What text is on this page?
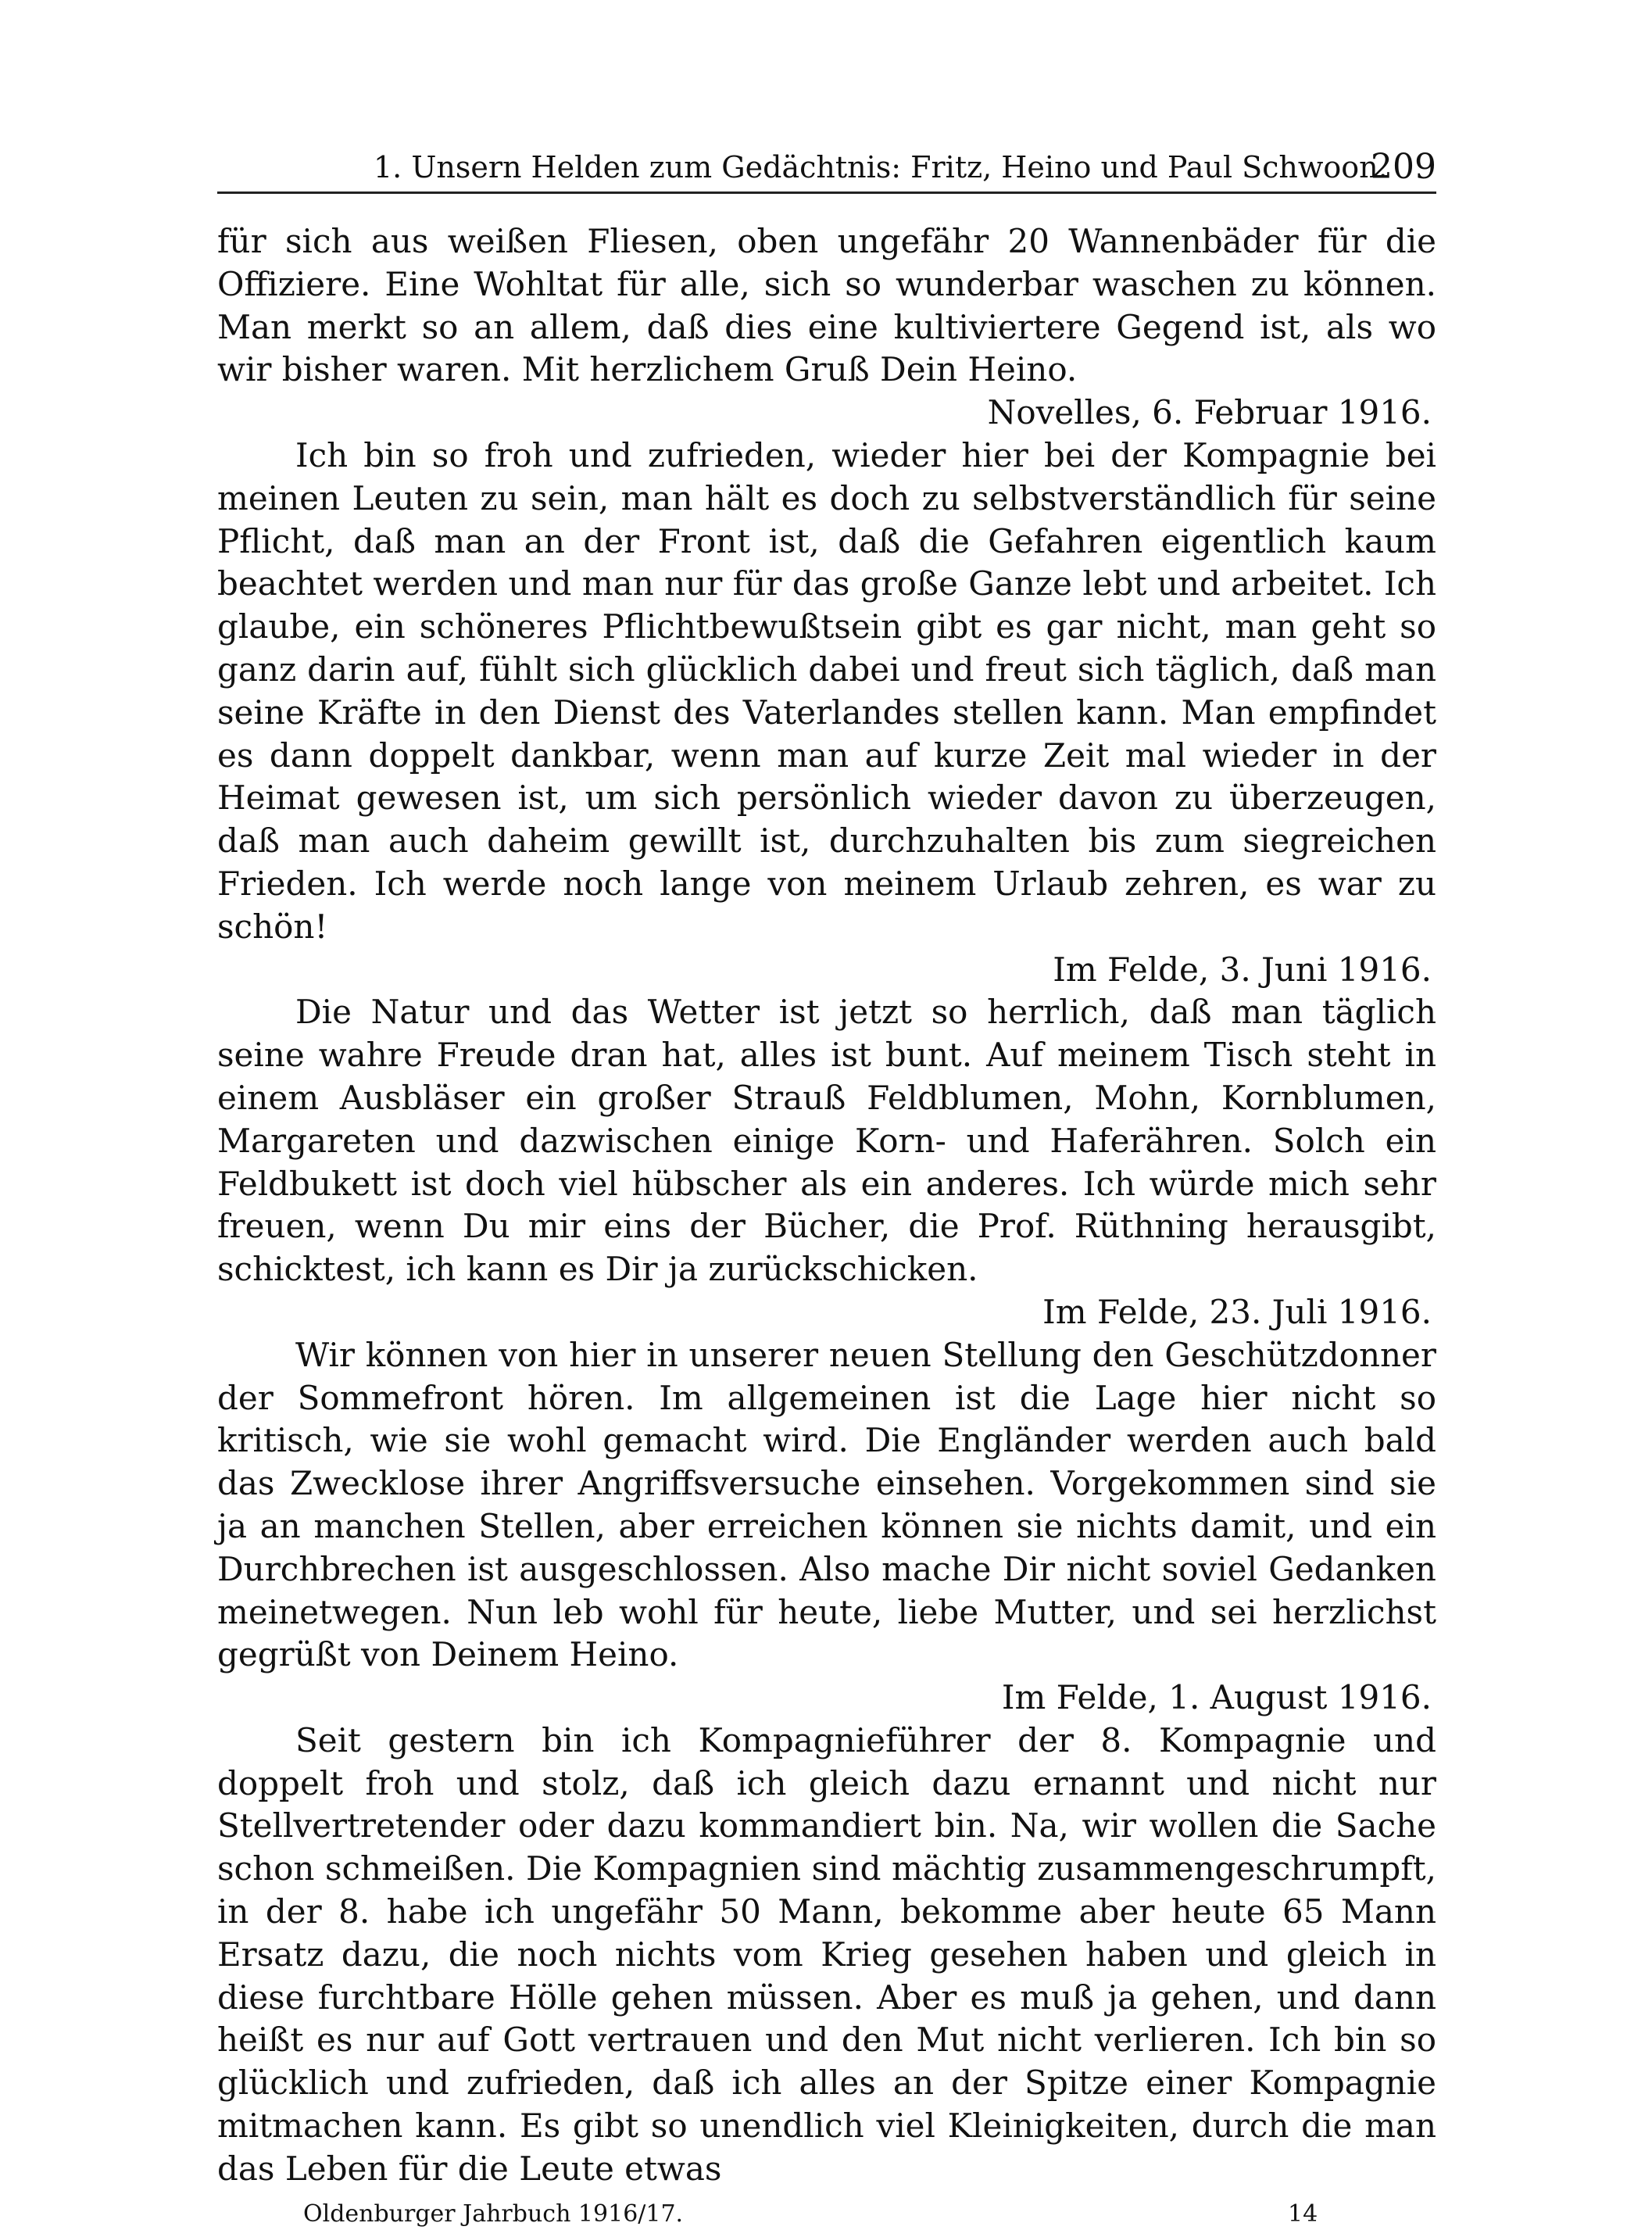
1. Unsern Helden zum Gedächtnis: Fritz, Heino und Paul Schwoon.
209

für sich aus weißen Fliesen, oben ungefähr 20 Wannenbäder für die Offiziere. Eine Wohltat für alle, sich so wunderbar waschen zu können. Man merkt so an allem, daß dies eine kultiviertere Gegend ist, als wo wir bisher waren. Mit herzlichem Gruß Dein Heino.

Novelles, 6. Februar 1916.

Ich bin so froh und zufrieden, wieder hier bei der Kompagnie bei meinen Leuten zu sein, man hält es doch zu selbstverständlich für seine Pflicht, daß man an der Front ist, daß die Gefahren eigentlich kaum beachtet werden und man nur für das große Ganze lebt und arbeitet. Ich glaube, ein schöneres Pflichtbewußtsein gibt es gar nicht, man geht so ganz darin auf, fühlt sich glücklich dabei und freut sich täglich, daß man seine Kräfte in den Dienst des Vaterlandes stellen kann. Man empfindet es dann doppelt dankbar, wenn man auf kurze Zeit mal wieder in der Heimat gewesen ist, um sich persönlich wieder davon zu überzeugen, daß man auch daheim gewillt ist, durchzuhalten bis zum siegreichen Frieden. Ich werde noch lange von meinem Urlaub zehren, es war zu schön!

Im Felde, 3. Juni 1916.

Die Natur und das Wetter ist jetzt so herrlich, daß man täglich seine wahre Freude dran hat, alles ist bunt. Auf meinem Tisch steht in einem Ausbläser ein großer Strauß Feldblumen, Mohn, Kornblumen, Margareten und dazwischen einige Korn- und Haferähren. Solch ein Feldbukett ist doch viel hübscher als ein anderes. Ich würde mich sehr freuen, wenn Du mir eins der Bücher, die Prof. Rüthning herausgibt, schicktest, ich kann es Dir ja zurückschicken.

Im Felde, 23. Juli 1916.

Wir können von hier in unserer neuen Stellung den Geschützdonner der Sommefront hören. Im allgemeinen ist die Lage hier nicht so kritisch, wie sie wohl gemacht wird. Die Engländer werden auch bald das Zwecklose ihrer Angriffsversuche einsehen. Vorgekommen sind sie ja an manchen Stellen, aber erreichen können sie nichts damit, und ein Durchbrechen ist ausgeschlossen. Also mache Dir nicht soviel Gedanken meinetwegen. Nun leb wohl für heute, liebe Mutter, und sei herzlichst gegrüßt von Deinem Heino.

Im Felde, 1. August 1916.

Seit gestern bin ich Kompagnieführer der 8. Kompagnie und doppelt froh und stolz, daß ich gleich dazu ernannt und nicht nur Stellvertretender oder dazu kommandiert bin. Na, wir wollen die Sache schon schmeißen. Die Kompagnien sind mächtig zusammengeschrumpft, in der 8. habe ich ungefähr 50 Mann, bekomme aber heute 65 Mann Ersatz dazu, die noch nichts vom Krieg gesehen haben und gleich in diese furchtbare Hölle gehen müssen. Aber es muß ja gehen, und dann heißt es nur auf Gott vertrauen und den Mut nicht verlieren. Ich bin so glücklich und zufrieden, daß ich alles an der Spitze einer Kompagnie mitmachen kann. Es gibt so unendlich viel Kleinigkeiten, durch die man das Leben für die Leute etwas

Oldenburger Jahrbuch 1916/17.	14
